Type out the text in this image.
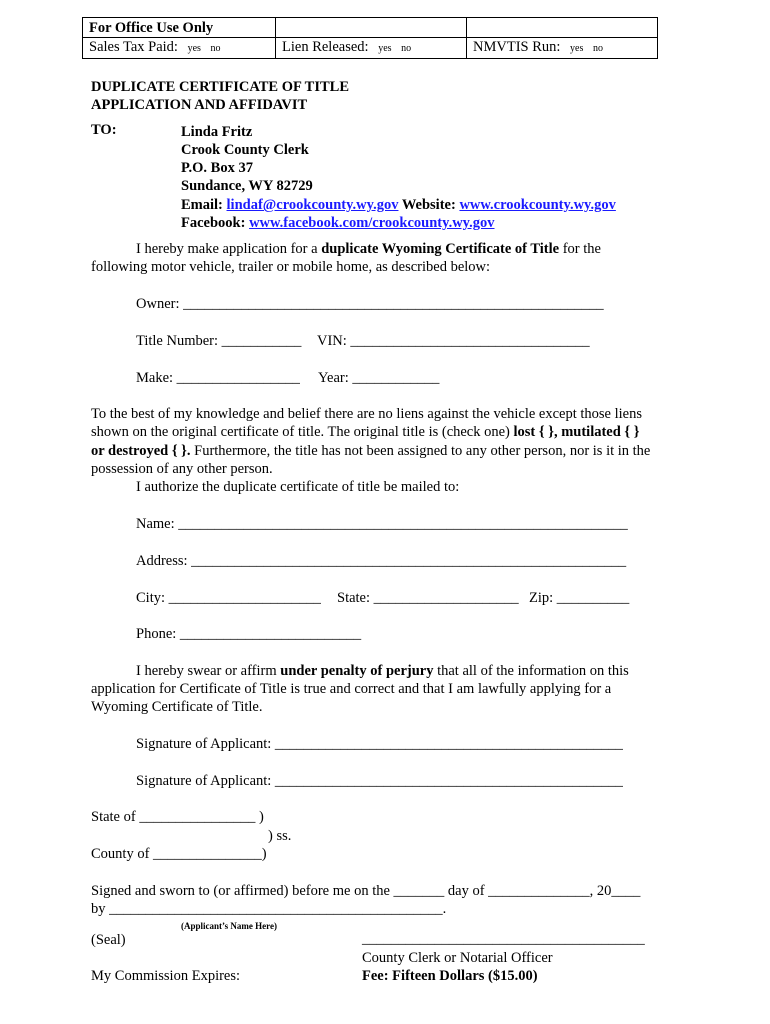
For Office Use Only		
Sales Tax Paid: yes no	Lien Released: yes no	NMVTIS Run: yes no
DUPLICATE CERTIFICATE OF TITLE
APPLICATION AND AFFIDAVIT
TO:	Linda Fritz
Crook County Clerk
P.O. Box 37
Sundance, WY 82729
Email: lindaf@crookcounty.wy.gov Website: www.crookcounty.wy.gov
Facebook: www.facebook.com/crookcounty.wy.gov
I hereby make application for a duplicate Wyoming Certificate of Title for the
following motor vehicle, trailer or mobile home, as described below:
Owner: __________________________________________________________
Title Number: ___________ VIN: _________________________________
Make: _________________ Year: ____________
To the best of my knowledge and belief there are no liens against the vehicle except those liens
shown on the original certificate of title. The original title is (check one) lost { }, mutilated { }
or destroyed { }. Furthermore, the title has not been assigned to any other person, nor is it in the
possession of any other person.
I authorize the duplicate certificate of title be mailed to:
Name: ______________________________________________________________
Address: ____________________________________________________________
City: _____________________ State: ____________________ Zip: __________
Phone: _________________________
I hereby swear or affirm under penalty of perjury that all of the information on this
application for Certificate of Title is true and correct and that I am lawfully applying for a
Wyoming Certificate of Title.
Signature of Applicant: ________________________________________________
Signature of Applicant: ________________________________________________
State of ________________ )
) ss.
County of _______________)
Signed and sworn to (or affirmed) before me on the _______ day of ______________, 20____
by ______________________________________________.
(Applicant’s Name Here)
(Seal)	_______________________________________
County Clerk or Notarial Officer
My Commission Expires:	Fee: Fifteen Dollars ($15.00)
